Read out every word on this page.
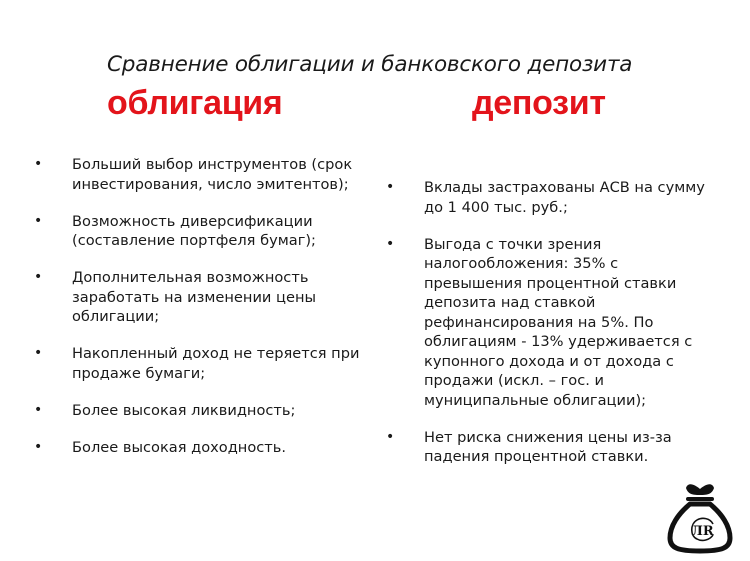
Сравнение облигации и банковского депозита
облигация	депозит
•	Больший выбор инструментов (срок инвестирования, число эмитентов);
•	Возможность диверсификации (составление портфеля бумаг);
•	Дополнительная возможность заработать на изменении цены облигации;
•	Накопленный доход не теряется при продаже бумаги;
•	Более высокая ликвидность;
•	Более высокая доходность.
•	Вклады застрахованы АСВ на сумму до 1 400 тыс. руб.;
•	Выгода с точки зрения налогообложения: 35% с превышения процентной ставки депозита над ставкой рефинансирования на 5%. По облигациям - 13% удерживается с купонного дохода и от дохода с продажи (искл. – гос. и муниципальные облигации);
•	Нет риска снижения цены из-за падения процентной ставки.
ЛR
